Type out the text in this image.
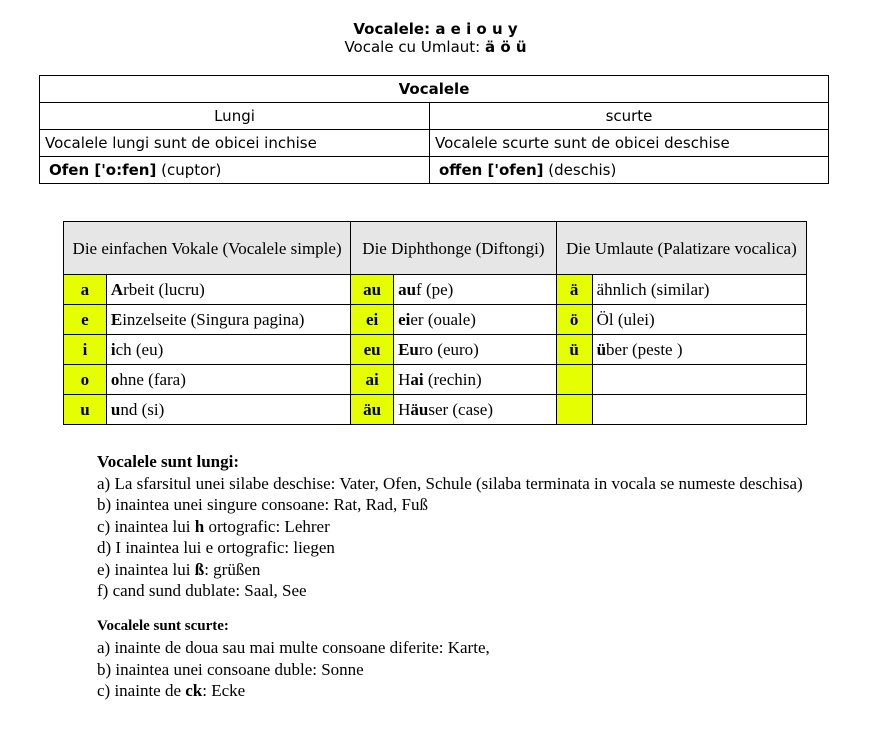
Vocalele: a e i o u y
Vocale cu Umlaut: ä ö ü
Vocalele	
Lungi	scurte
Vocalele lungi sunt de obicei inchise	Vocalele scurte sunt de obicei deschise
Ofen ['o:fen] (cuptor)	offen ['ofen] (deschis)
Die einfachen Vokale (Vocalele simple)		Die Diphthonge (Diftongi)		Die Umlaute (Palatizare vocalica)	
a	Arbeit (lucru)	au	auf (pe)	ä	ähnlich (similar)
e	Einzelseite (Singura pagina)	ei	eier (ouale)	ö	Öl (ulei)
i	ich (eu)	eu	Euro (euro)	ü	über (peste )
o	ohne (fara)	ai	Hai (rechin)		
u	und (si)	äu	Häuser (case)		

Vocalele sunt lungi:

a) La sfarsitul unei silabe deschise: Vater, Ofen, Schule (silaba terminata in vocala se numeste deschisa)

b) inaintea unei singure consoane: Rat, Rad, Fuß

c) inaintea lui h ortografic: Lehrer

d) I inaintea lui e ortografic: liegen

e) inaintea lui ß: grüßen

f) cand sund dublate: Saal, See

Vocalele sunt scurte:

a) inainte de doua sau mai multe consoane diferite: Karte,

b) inaintea unei consoane duble: Sonne

c) inainte de ck: Ecke
